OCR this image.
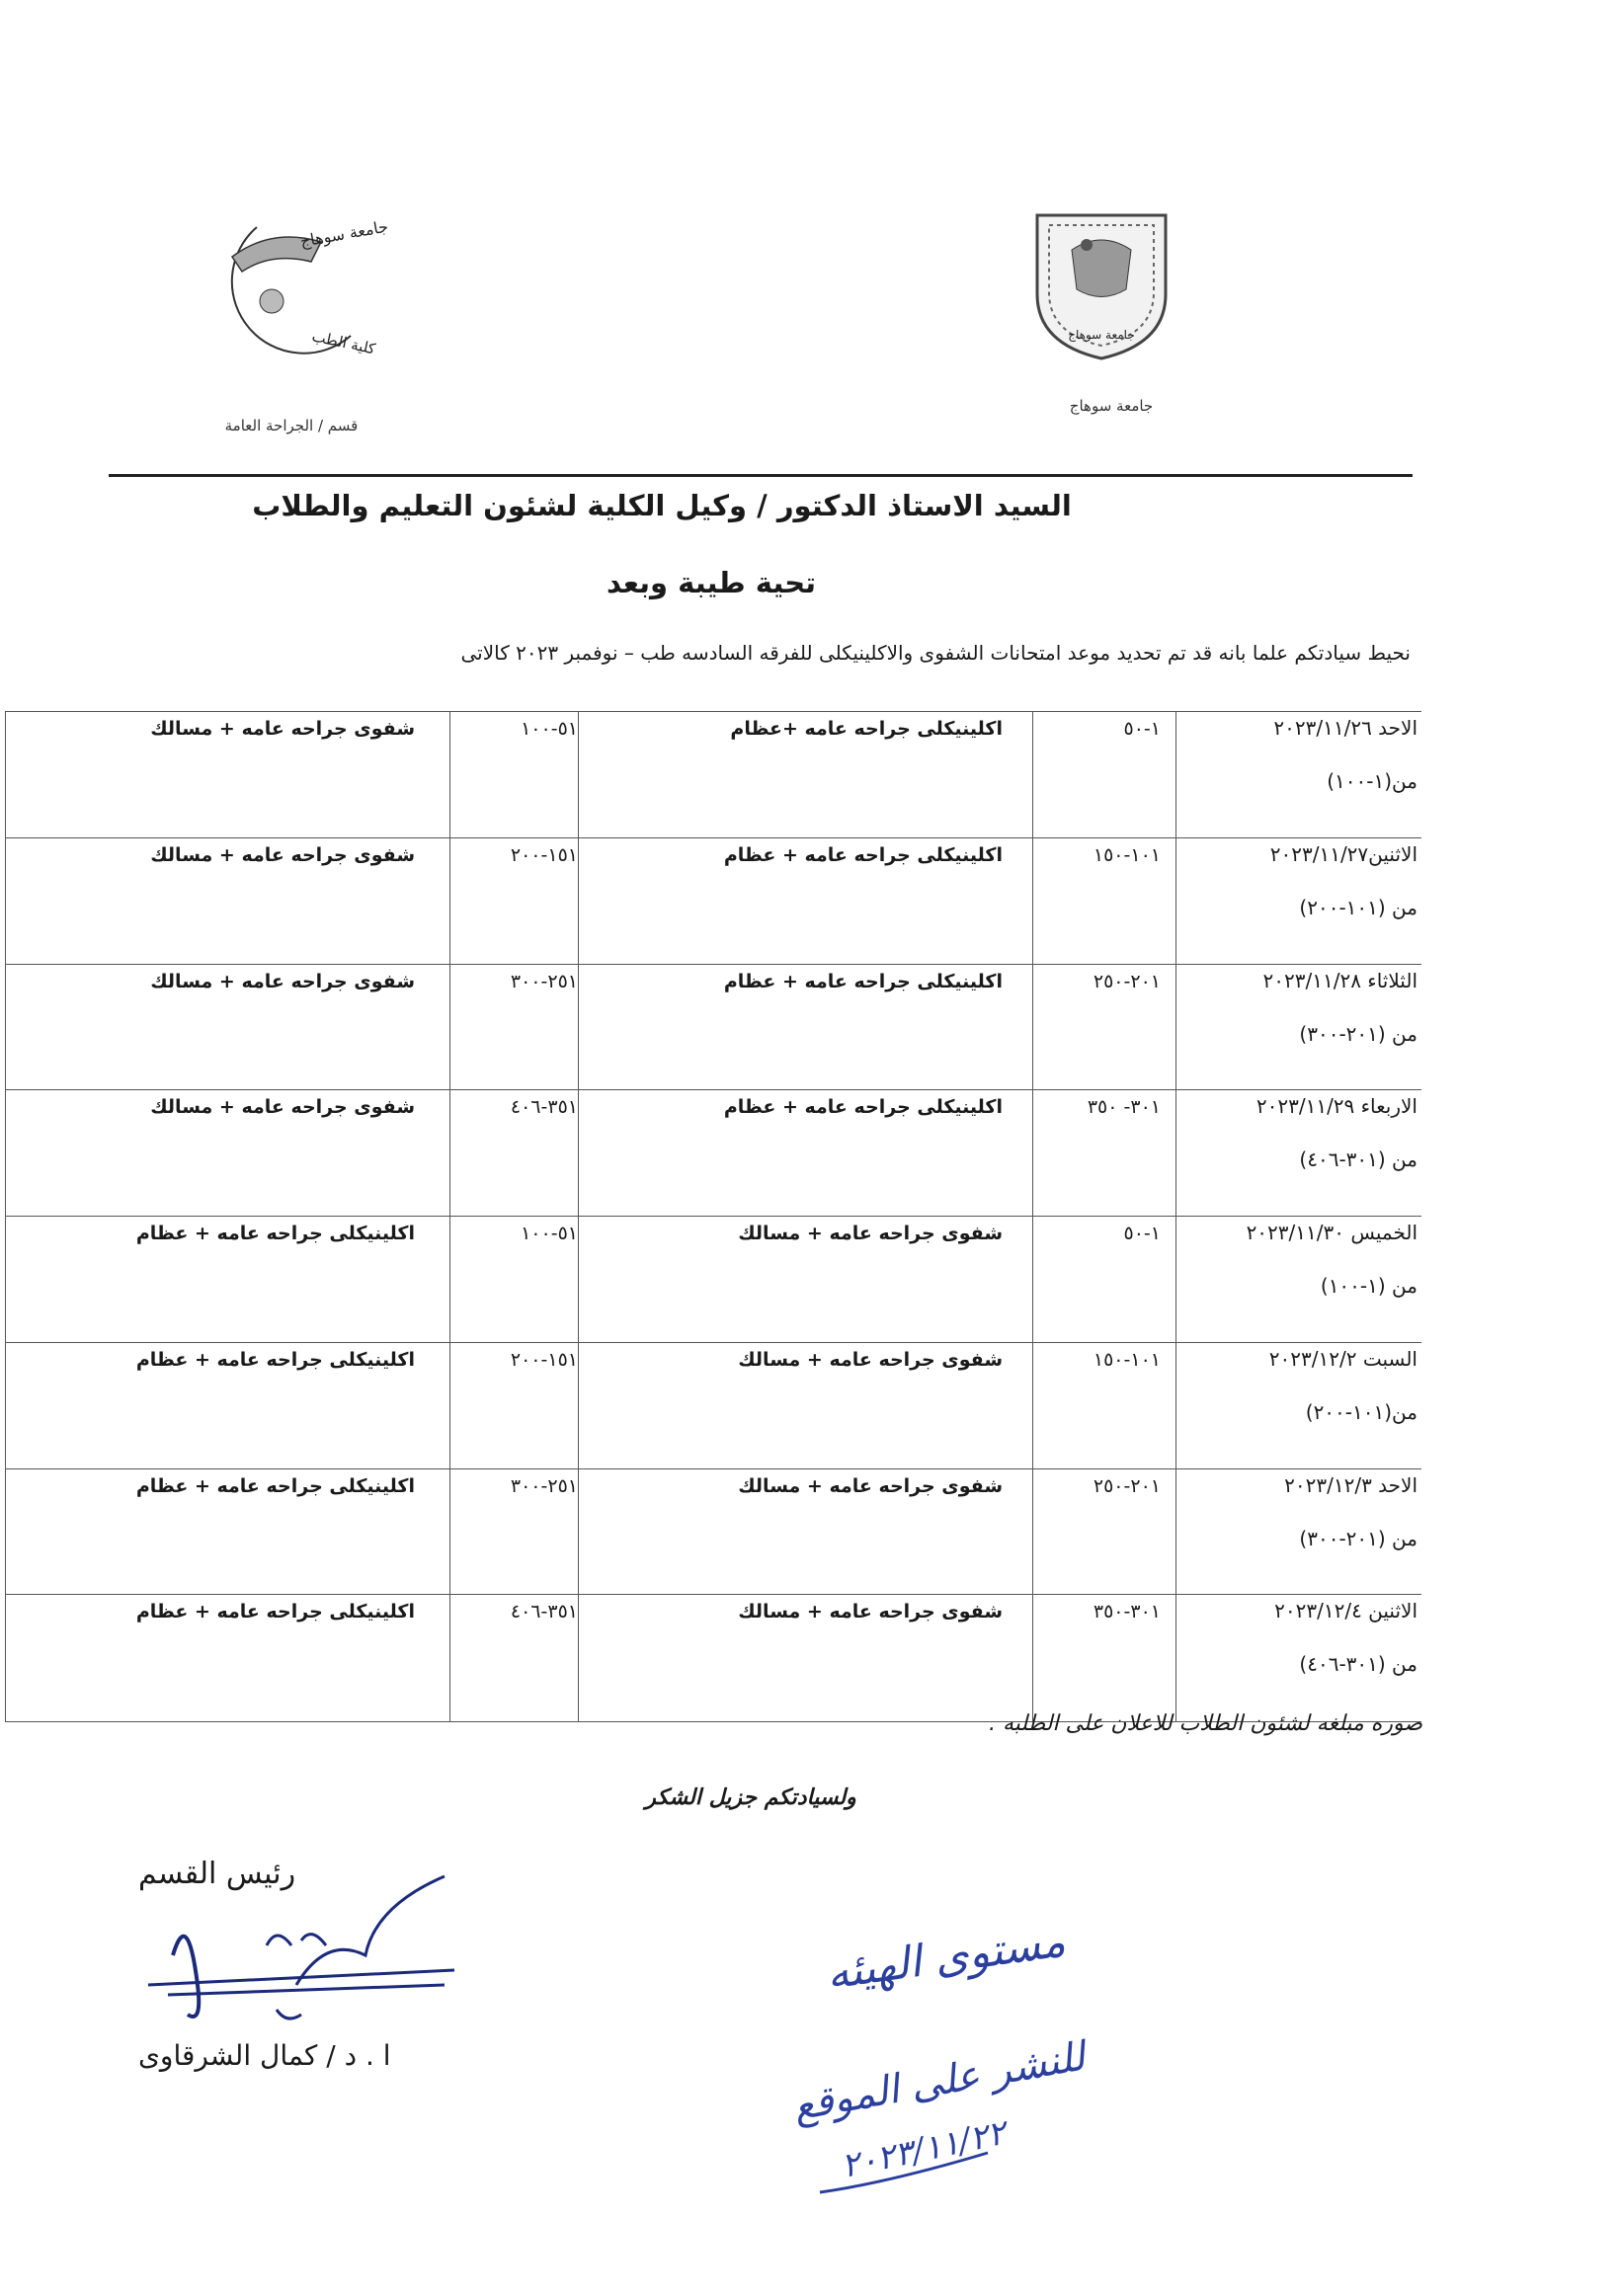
جامعة سوهاج
كلية الطب
قسم / الجراحة العامة
جامعة سوهاج
جامعة سوهاج
السيد الاستاذ الدكتور / وكيل الكلية لشئون التعليم والطلاب
تحية طيبة وبعد
نحيط سيادتكم علما بانه قد تم تحديد موعد امتحانات الشفوى والاكلينيكلى للفرقه السادسه طب – نوفمبر ٢٠٢٣ كالاتى
الاحد ٢٠٢٣/١١/٢٦
من(١-١٠٠)
١-٥٠
اكلينيكلى جراحه عامه +عظام
٥١-١٠٠
شفوى جراحه عامه + مسالك
الاثنين٢٠٢٣/١١/٢٧
من (١٠١-٢٠٠)
١٠١-١٥٠
اكلينيكلى جراحه عامه + عظام
١٥١-٢٠٠
شفوى جراحه عامه + مسالك
الثلاثاء ٢٠٢٣/١١/٢٨
من (٢٠١-٣٠٠)
٢٠١-٢٥٠
اكلينيكلى جراحه عامه + عظام
٢٥١-٣٠٠
شفوى جراحه عامه + مسالك
الاربعاء ٢٠٢٣/١١/٢٩
من (٣٠١-٤٠٦)
٣٠١- ٣٥٠
اكلينيكلى جراحه عامه + عظام
٣٥١-٤٠٦
شفوى جراحه عامه + مسالك
الخميس ٢٠٢٣/١١/٣٠
من (١-١٠٠)
١-٥٠
شفوى جراحه عامه + مسالك
٥١-١٠٠
اكلينيكلى جراحه عامه + عظام
السبت ٢٠٢٣/١٢/٢
من(١٠١-٢٠٠)
١٠١-١٥٠
شفوى جراحه عامه + مسالك
١٥١-٢٠٠
اكلينيكلى جراحه عامه + عظام
الاحد ٢٠٢٣/١٢/٣
من (٢٠١-٣٠٠)
٢٠١-٢٥٠
شفوى جراحه عامه + مسالك
٢٥١-٣٠٠
اكلينيكلى جراحه عامه + عظام
الاثنين ٢٠٢٣/١٢/٤
من (٣٠١-٤٠٦)
٣٠١-٣٥٠
شفوى جراحه عامه + مسالك
٣٥١-٤٠٦
اكلينيكلى جراحه عامه + عظام
صوره مبلغه لشئون الطلاب للاعلان على الطلبه .
ولسيادتكم جزيل الشكر
رئيس القسم
ا . د / كمال الشرقاوى
مستوى الهيئه
للنشر على الموقع
٢٠٢٣/١١/٢٢
